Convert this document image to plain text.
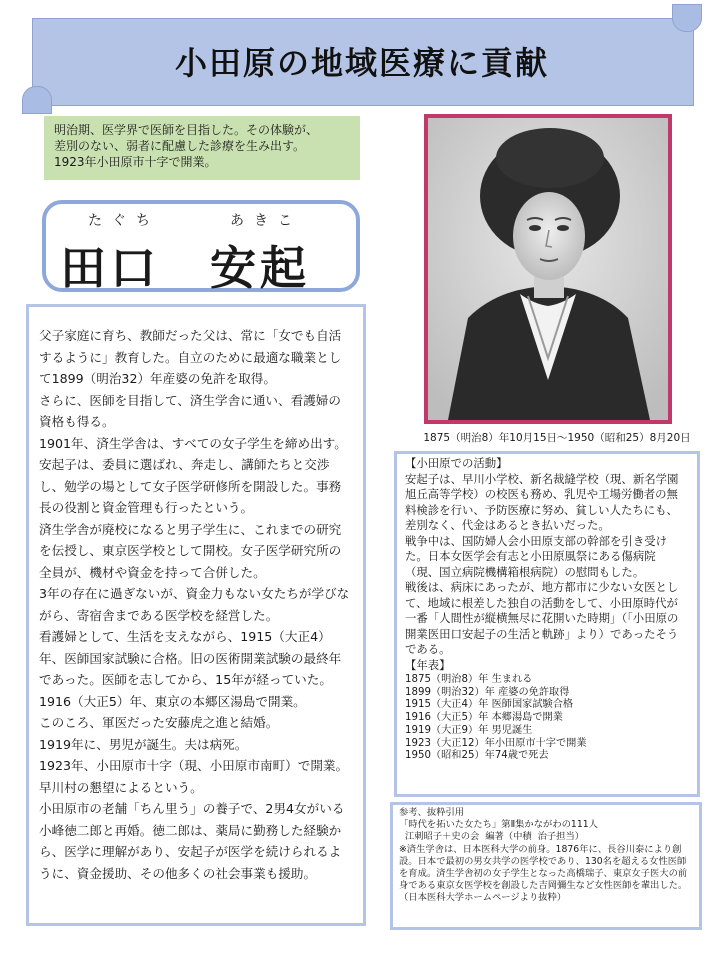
小田原の地域医療に貢献
明治期、医学界で医師を目指した。その体験が、
差別のない、弱者に配慮した診療を生み出す。
1923年小田原市十字で開業。
たぐち	あきこ
田口　安起

父子家庭に育ち、教師だった父は、常に「女でも自活するように」教育した。自立のために最適な職業として1899（明治32）年産婆の免許を取得。

さらに、医師を目指して、済生学舎に通い、看護婦の資格も得る。

1901年、済生学舎は、すべての女子学生を締め出す。安起子は、委員に選ばれ、奔走し、講師たちと交渉し、勉学の場として女子医学研修所を開設した。事務長の役割と資金管理も行ったという。

済生学舎が廃校になると男子学生に、これまでの研究を伝授し、東京医学校として開校。女子医学研究所の全員が、機材や資金を持って合併した。

3年の存在に過ぎないが、資金力もない女たちが学びながら、寄宿舎まである医学校を経営した。

看護婦として、生活を支えながら、1915（大正4）年、医師国家試験に合格。旧の医術開業試験の最終年であった。医師を志してから、15年が経っていた。

1916（大正5）年、東京の本郷区湯島で開業。

このころ、軍医だった安藤虎之進と結婚。

1919年に、男児が誕生。夫は病死。

1923年、小田原市十字（現、小田原市南町）で開業。早川村の懇望によるという。

小田原市の老舗「ちん里う」の養子で、2男4女がいる小峰徳二郎と再婚。徳二郎は、薬局に勤務した経験から、医学に理解があり、安起子が医学を続けられるように、資金援助、その他多くの社会事業も援助。

1875（明治8）年10月15日～1950（昭和25）8月20日

【小田原での活動】

安起子は、早川小学校、新名裁縫学校（現、新名学園旭丘高等学校）の校医も務め、乳児や工場労働者の無料検診を行い、予防医療に努め、貧しい人たちにも、差別なく、代金はあるとき払いだった。

戦争中は、国防婦人会小田原支部の幹部を引き受けた。日本女医学会有志と小田原風祭にある傷病院（現、国立病院機構箱根病院）の慰問もした。

戦後は、病床にあったが、地方都市に少ない女医として、地域に根差した独自の活動をして、小田原時代が一番「人間性が縦横無尽に花開いた時期」（「小田原の開業医田口安起子の生活と軌跡」より）であったそうである。

【年表】

1875（明治8）年 生まれる
1899（明治32）年 産婆の免許取得
1915（大正4）年 医師国家試験合格
1916（大正5）年 本郷湯島で開業
1919（大正9）年 男児誕生
1923（大正12）年小田原市十字で開業
1950（昭和25）年74歳で死去

参考、抜粋引用

「時代を拓いた女たち」第Ⅱ集かながわの111人

江刺昭子＋史の会  編著（中積  治子担当）

※済生学舎は、日本医科大学の前身。1876年に、長谷川泰により創設。日本で最初の男女共学の医学校であり、130名を超える女性医師を育成。済生学舎初の女子学生となった高橋瑞子、東京女子医大の前身である東京女医学校を創設した吉岡彌生など女性医師を輩出した。（日本医科大学ホームページより抜粋）
